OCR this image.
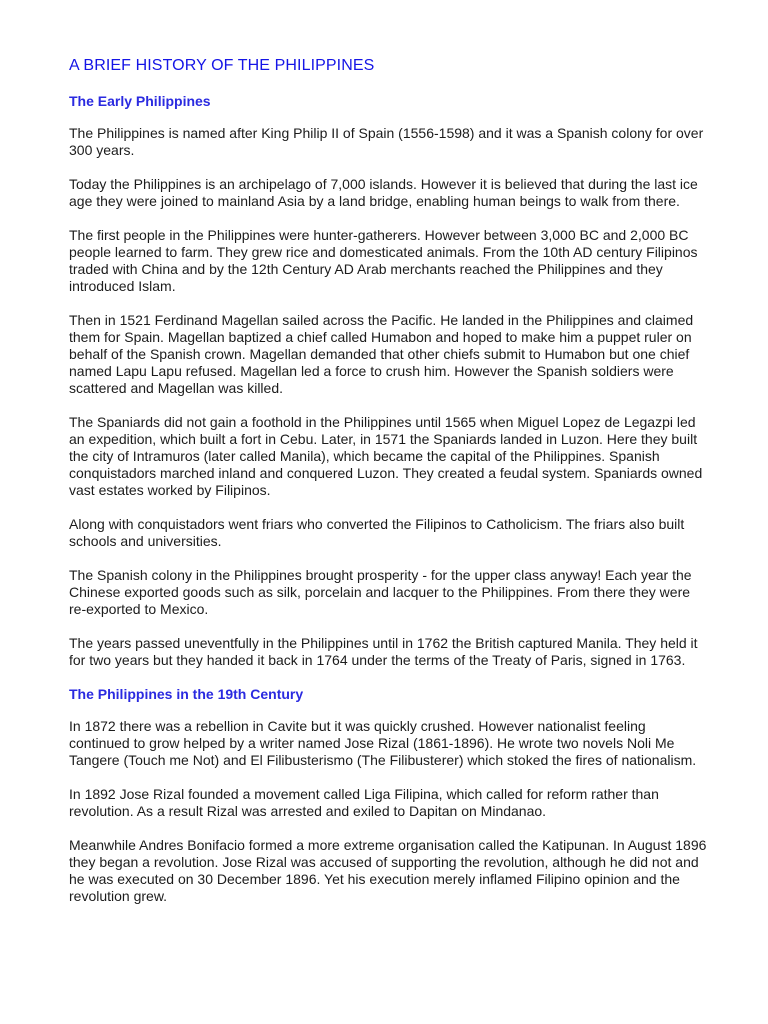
A BRIEF HISTORY OF THE PHILIPPINES
The Early Philippines

The Philippines is named after King Philip II of Spain (1556-1598) and it was a Spanish colony for over 300 years.

Today the Philippines is an archipelago of 7,000 islands. However it is believed that during the last ice age they were joined to mainland Asia by a land bridge, enabling human beings to walk from there.

The first people in the Philippines were hunter-gatherers. However between 3,000 BC and 2,000 BC people learned to farm. They grew rice and domesticated animals. From the 10th AD century Filipinos traded with China and by the 12th Century AD Arab merchants reached the Philippines and they introduced Islam.

Then in 1521 Ferdinand Magellan sailed across the Pacific. He landed in the Philippines and claimed them for Spain. Magellan baptized a chief called Humabon and hoped to make him a puppet ruler on behalf of the Spanish crown. Magellan demanded that other chiefs submit to Humabon but one chief named Lapu Lapu refused. Magellan led a force to crush him. However the Spanish soldiers were scattered and Magellan was killed.

The Spaniards did not gain a foothold in the Philippines until 1565 when Miguel Lopez de Legazpi led an expedition, which built a fort in Cebu. Later, in 1571 the Spaniards landed in Luzon. Here they built the city of Intramuros (later called Manila), which became the capital of the Philippines. Spanish conquistadors marched inland and conquered Luzon. They created a feudal system. Spaniards owned vast estates worked by Filipinos.

Along with conquistadors went friars who converted the Filipinos to Catholicism. The friars also built schools and universities.

The Spanish colony in the Philippines brought prosperity - for the upper class anyway! Each year the Chinese exported goods such as silk, porcelain and lacquer to the Philippines. From there they were re-exported to Mexico.

The years passed uneventfully in the Philippines until in 1762 the British captured Manila. They held it for two years but they handed it back in 1764 under the terms of the Treaty of Paris, signed in 1763.

The Philippines in the 19th Century

In 1872 there was a rebellion in Cavite but it was quickly crushed. However nationalist feeling continued to grow helped by a writer named Jose Rizal (1861-1896). He wrote two novels Noli Me Tangere (Touch me Not) and El Filibusterismo (The Filibusterer) which stoked the fires of nationalism.

In 1892 Jose Rizal founded a movement called Liga Filipina, which called for reform rather than revolution. As a result Rizal was arrested and exiled to Dapitan on Mindanao.

Meanwhile Andres Bonifacio formed a more extreme organisation called the Katipunan. In August 1896 they began a revolution. Jose Rizal was accused of supporting the revolution, although he did not and he was executed on 30 December 1896. Yet his execution merely inflamed Filipino opinion and the revolution grew.
